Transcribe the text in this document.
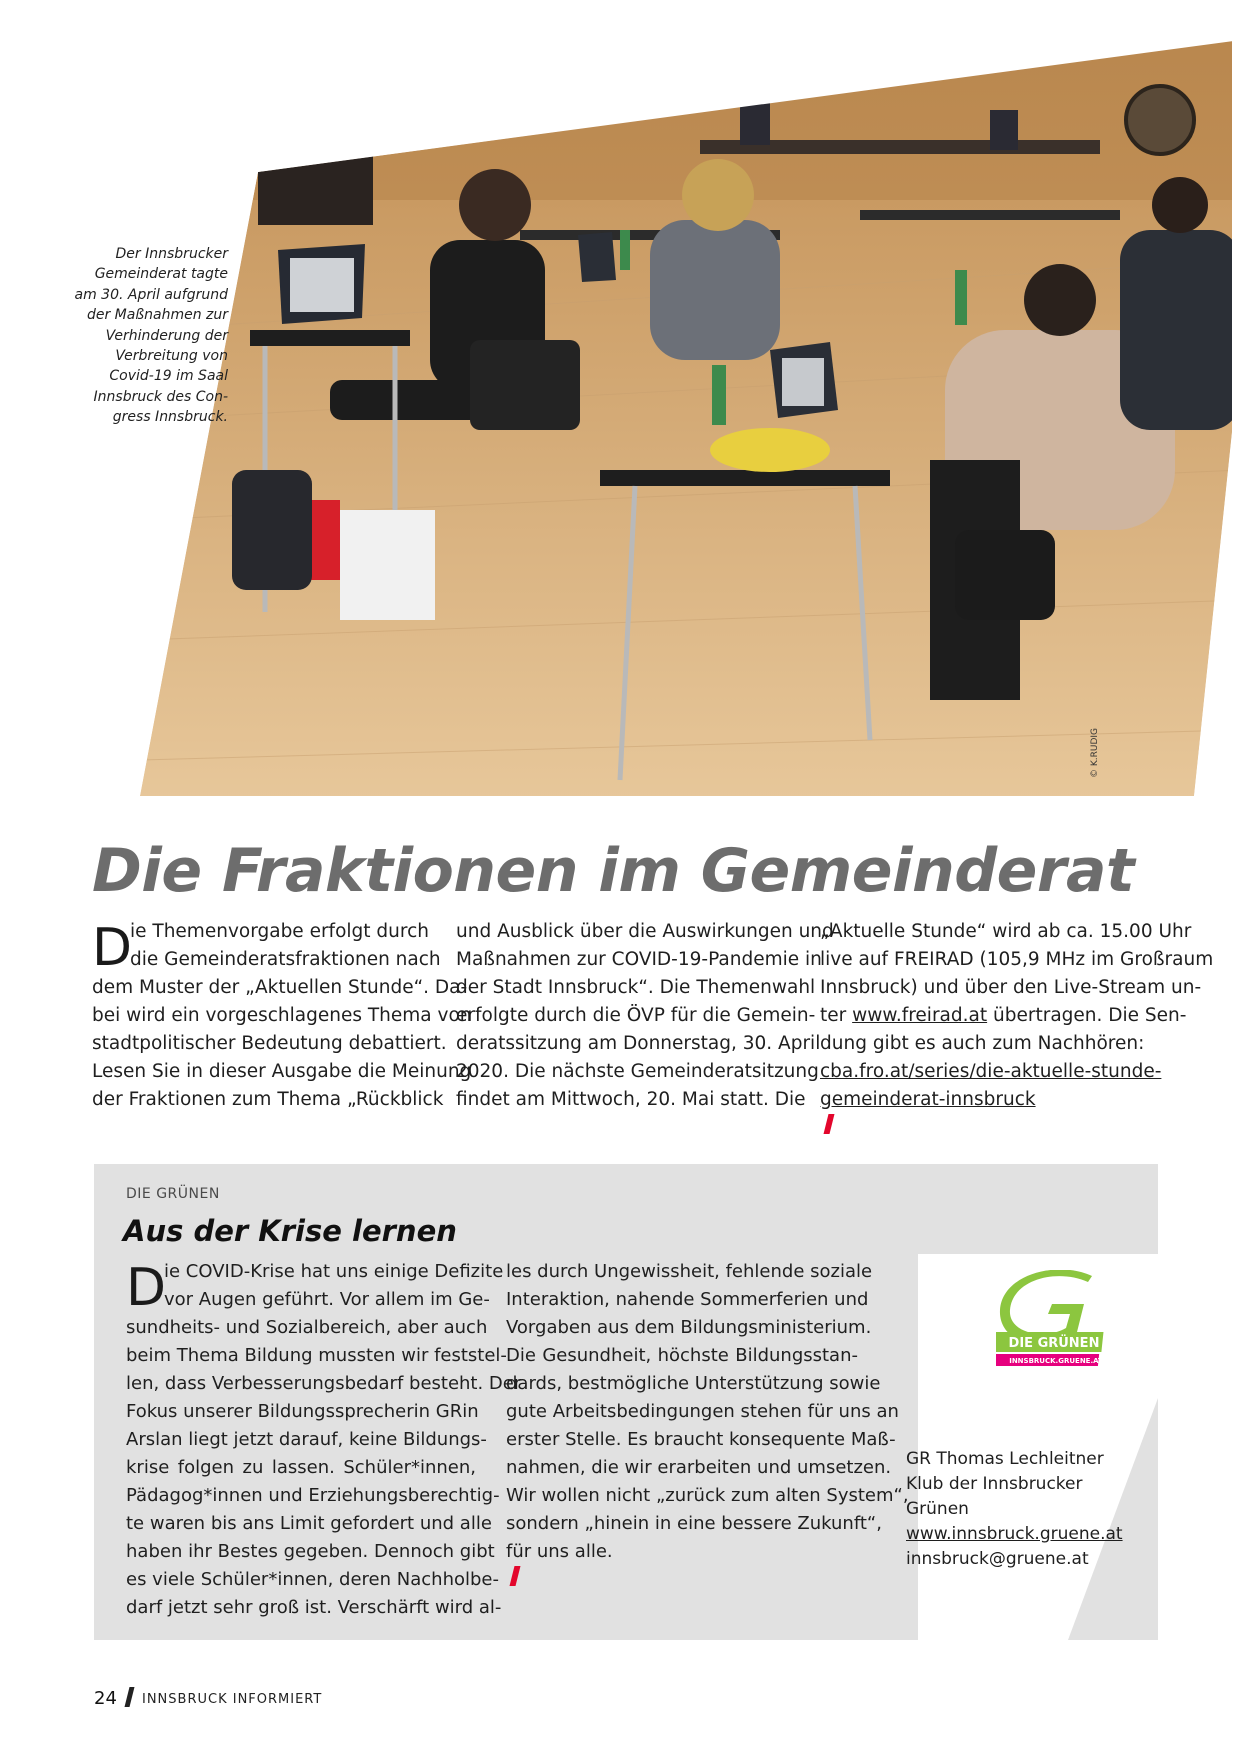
Der Innsbrucker
Gemeinderat tagte
am 30. April aufgrund
der Maßnahmen zur
Verhinderung der
Verbreitung von
Covid-19 im Saal
Innsbruck des Con-
gress Innsbruck.
© K.RUDIG
Die Fraktionen im Gemeinderat
D
ie Themenvorgabe erfolgt durch
die Gemeinderatsfraktionen nach
dem Muster der „Aktuellen Stunde“. Da-
bei wird ein vorgeschlagenes Thema von
stadtpolitischer Bedeutung debattiert.
Lesen Sie in dieser Ausgabe die Meinung
der Fraktionen zum Thema „Rückblick
und Ausblick über die Auswirkungen und
Maßnahmen zur COVID-19-Pandemie in
der Stadt Innsbruck“. Die Themenwahl
erfolgte durch die ÖVP für die Gemein-
deratssitzung am Donnerstag, 30. April
2020. Die nächste Gemeinderatsitzung
findet am Mittwoch, 20. Mai statt. Die
„Aktuelle Stunde“ wird ab ca. 15.00 Uhr
live auf FREIRAD (105,9 MHz im Großraum
Innsbruck) und über den Live-Stream un-
ter www.freirad.at übertragen. Die Sen-
dung gibt es auch zum Nachhören:
cba.fro.at/series/die-aktuelle-stunde-
gemeinderat-innsbruck
DIE GRÜNEN
Aus der Krise lernen
D
ie COVID-Krise hat uns einige Defizite
vor Augen geführt. Vor allem im Ge-
sundheits- und Sozialbereich, aber auch
beim Thema Bildung mussten wir feststel-
len, dass Verbesserungsbedarf besteht. Der
Fokus unserer Bildungssprecherin GRin
Arslan liegt jetzt darauf, keine Bildungs-
krise folgen zu lassen. Schüler*innen,
Pädagog*innen und Erziehungsberechtig-
te waren bis ans Limit gefordert und alle
haben ihr Bestes gegeben. Dennoch gibt
es viele Schüler*innen, deren Nachholbe-
darf jetzt sehr groß ist. Verschärft wird al-
les durch Ungewissheit, fehlende soziale
Interaktion, nahende Sommerferien und
Vorgaben aus dem Bildungsministerium.
Die Gesundheit, höchste Bildungsstan-
dards, bestmögliche Unterstützung sowie
gute Arbeitsbedingungen stehen für uns an
erster Stelle. Es braucht konsequente Maß-
nahmen, die wir erarbeiten und umsetzen.
Wir wollen nicht „zurück zum alten System“,
sondern „hinein in eine bessere Zukunft“,
für uns alle.
DIE GRÜNEN
INNSBRUCK.GRUENE.AT
GR Thomas Lechleitner
Klub der Innsbrucker
Grünen
www.innsbruck.gruene.at
innsbruck@gruene.at
24 INNSBRUCK INFORMIERT
